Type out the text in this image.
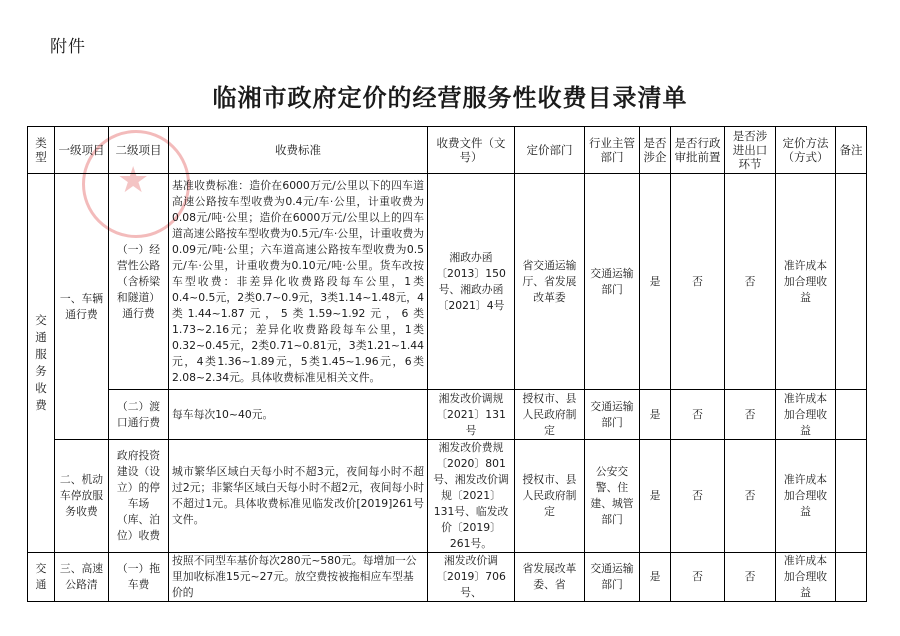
附件
临湘市政府定价的经营服务性收费目录清单
★
类型	一级项目	二级项目	收费标准	收费文件（文号）	定价部门	行业主管部门	是否涉企	是否行政审批前置	是否涉进出口环节	定价方法（方式）	备注

交通服务收费	一、车辆通行费	（一）经营性公路（含桥梁和隧道）通行费	基准收费标准：造价在6000万元/公里以下的四车道高速公路按车型收费为0.4元/车·公里，计重收费为0.08元/吨·公里；造价在6000万元/公里以上的四车道高速公路按车型收费为0.5元/车·公里，计重收费为0.09元/吨·公里；六车道高速公路按车型收费为0.5元/车·公里，计重收费为0.10元/吨·公里。货车改按车型收费：非差异化收费路段每车公里，1类0.4~0.5元，2类0.7~0.9元，3类1.14~1.48元，4类1.44~1.87元，5类1.59~1.92元，6类1.73~2.16元；差异化收费路段每车公里，1类0.32~0.45元，2类0.71~0.81元，3类1.21~1.44元，4类1.36~1.89元，5类1.45~1.96元，6类2.08~2.34元。具体收费标准见相关文件。	湘政办函〔2013〕150号、湘政办函〔2021〕4号	省交通运输厅、省发展改革委	交通运输部门	是	否	否	准许成本加合理收益	
		（二）渡口通行费	每车每次10~40元。	湘发改价调规〔2021〕131号	授权市、县人民政府制定	交通运输部门	是	否	否	准许成本加合理收益	
	二、机动车停放服务收费	政府投资建设（设立）的停车场（库、泊位）收费	城市繁华区域白天每小时不超3元，夜间每小时不超过2元；非繁华区域白天每小时不超2元，夜间每小时不超过1元。具体收费标准见临发改价[2019]261号文件。	湘发改价费规〔2020〕801号、湘发改价调规〔2021〕131号、临发改价〔2019〕261号。	授权市、县人民政府制定	公安交警、住建、城管部门	是	否	否	准许成本加合理收益	
交通	三、高速公路清	（一）拖车费	按照不同型车基价每次280元~580元。每增加一公里加收标准15元~27元。放空费按被拖相应车型基价的	湘发改价调〔2019〕706号、	省发展改革委、省	交通运输部门	是	否	否	准许成本加合理收益	
